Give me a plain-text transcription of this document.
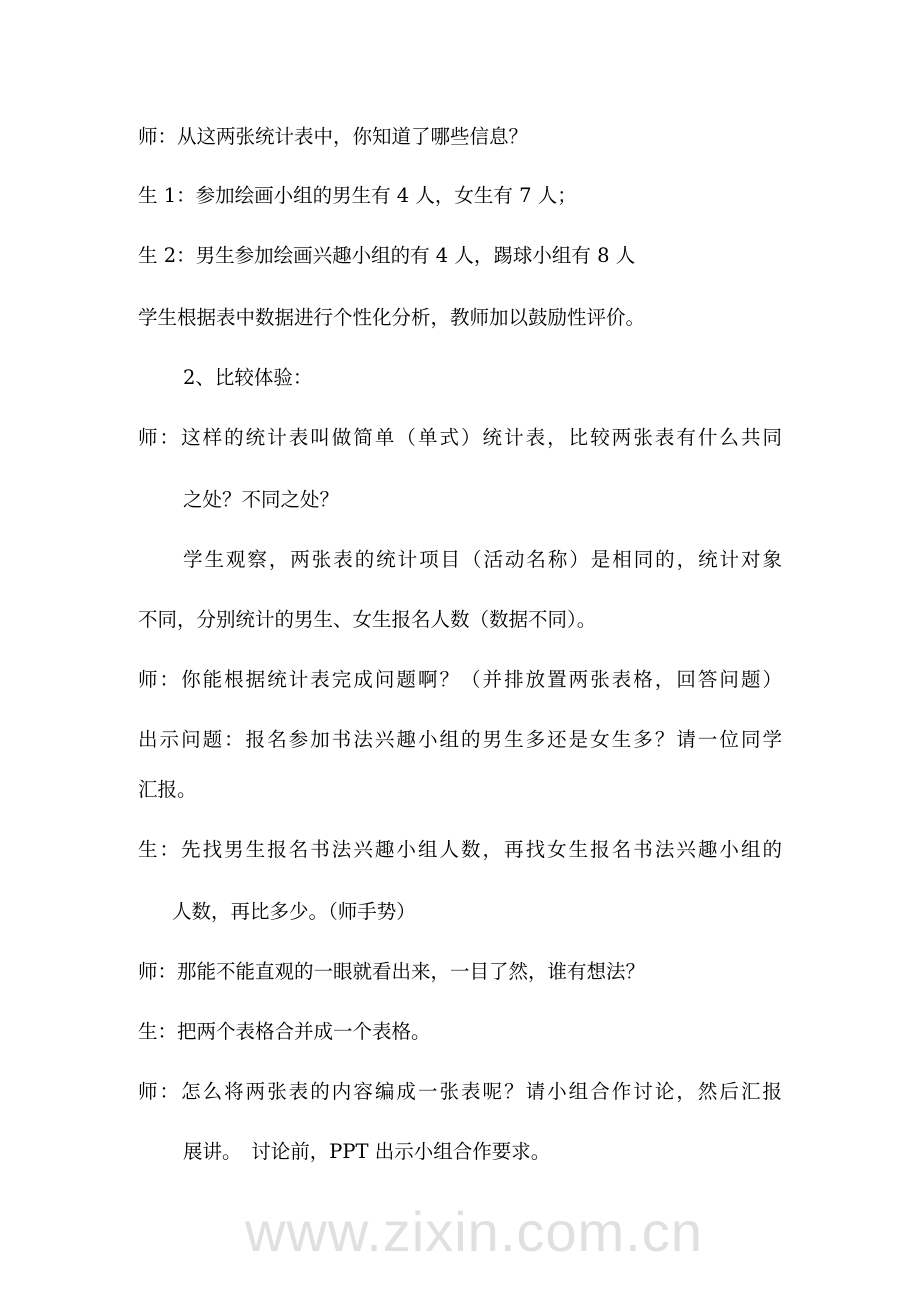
师：从这两张统计表中，你知道了哪些信息？
生 1：参加绘画小组的男生有 4 人，女生有 7 人；
生 2：男生参加绘画兴趣小组的有 4 人，踢球小组有 8 人
学生根据表中数据进行个性化分析，教师加以鼓励性评价。
2、比较体验：
师：这样的统计表叫做简单（单式）统计表，比较两张表有什么共同
之处？不同之处？
学生观察，两张表的统计项目（活动名称）是相同的，统计对象
不同，分别统计的男生、女生报名人数（数据不同）。
师：你能根据统计表完成问题啊？（并排放置两张表格，回答问题）
出示问题：报名参加书法兴趣小组的男生多还是女生多？请一位同学
汇报。
生：先找男生报名书法兴趣小组人数，再找女生报名书法兴趣小组的
人数，再比多少。（师手势）
师：那能不能直观的一眼就看出来，一目了然，谁有想法？
生：把两个表格合并成一个表格。
师：怎么将两张表的内容编成一张表呢？请小组合作讨论，然后汇报
展讲。　讨论前，PPT 出示小组合作要求。
www.zixin.com.cn
